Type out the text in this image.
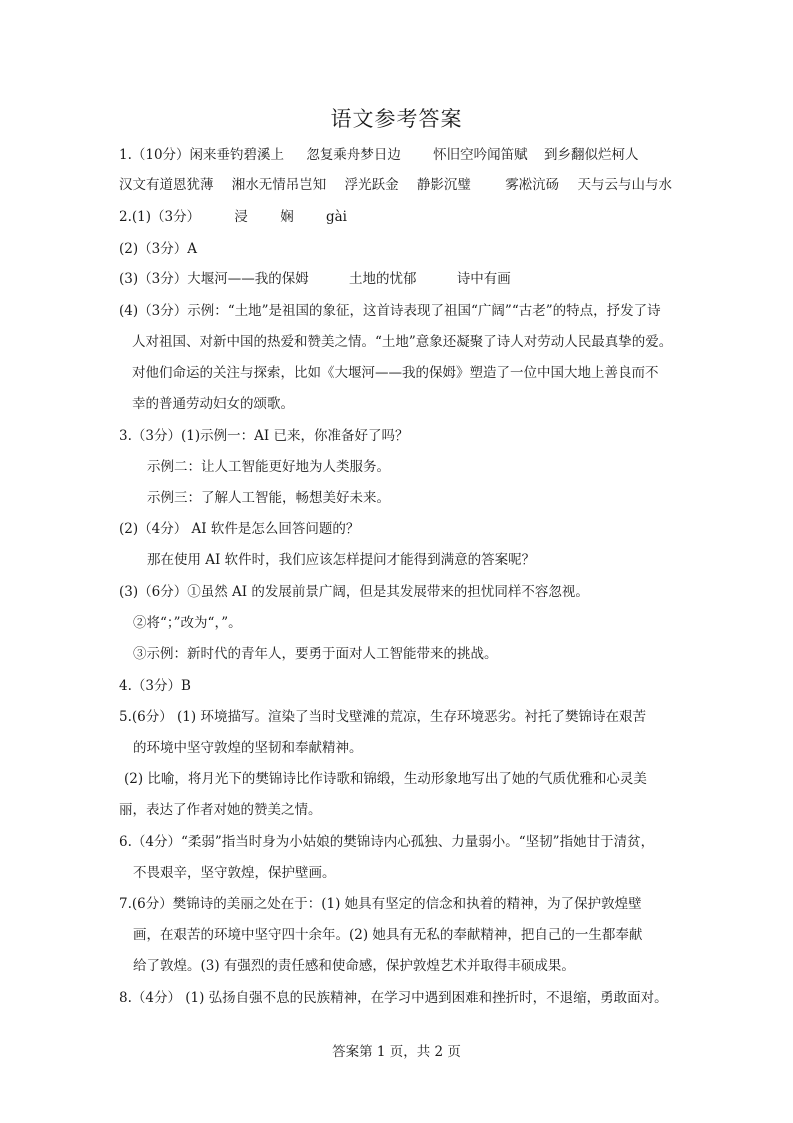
语文参考答案
1.（10分）闲来垂钓碧溪上 忽复乘舟梦日边 怀旧空吟闻笛赋 到乡翻似烂柯人
汉文有道恩犹薄 湘水无情吊岂知 浮光跃金 静影沉璧	雾凇沆砀 天与云与山与水
2.(1)（3分）	浸 娴 gài
(2)（3分）A
(3)（3分）大堰河——我的保姆	土地的忧郁	诗中有画
(4)（3分）示例：“土地”是祖国的象征，这首诗表现了祖国“广阔”“古老”的特点，抒发了诗
人对祖国、对新中国的热爱和赞美之情。“土地”意象还凝聚了诗人对劳动人民最真挚的爱。
对他们命运的关注与探索，比如《大堰河——我的保姆》塑造了一位中国大地上善良而不
幸的普通劳动妇女的颂歌。
3.（3分）(1)示例一：AI 已来，你准备好了吗？
示例二：让人工智能更好地为人类服务。
示例三：了解人工智能，畅想美好未来。
(2)（4分） AI 软件是怎么回答问题的？
那在使用 AI 软件时，我们应该怎样提问才能得到满意的答案呢？
(3)（6分）①虽然 AI 的发展前景广阔，但是其发展带来的担忧同样不容忽视。
②将“；”改为“，”。
③示例：新时代的青年人，要勇于面对人工智能带来的挑战。
4.（3分）B
5.(6分） (1) 环境描写。渲染了当时戈壁滩的荒凉，生存环境恶劣。衬托了樊锦诗在艰苦
的环境中坚守敦煌的坚韧和奉献精神。
(2) 比喻，将月光下的樊锦诗比作诗歌和锦缎，生动形象地写出了她的气质优雅和心灵美
丽，表达了作者对她的赞美之情。
6.（4分）“柔弱”指当时身为小姑娘的樊锦诗内心孤独、力量弱小。“坚韧”指她甘于清贫，
不畏艰辛，坚守敦煌，保护壁画。
7.(6分）樊锦诗的美丽之处在于：(1) 她具有坚定的信念和执着的精神，为了保护敦煌壁
画，在艰苦的环境中坚守四十余年。(2) 她具有无私的奉献精神，把自己的一生都奉献
给了敦煌。(3) 有强烈的责任感和使命感，保护敦煌艺术并取得丰硕成果。
8.（4分） (1) 弘扬自强不息的民族精神，在学习中遇到困难和挫折时，不退缩，勇敢面对。
答案第 1 页，共 2 页
